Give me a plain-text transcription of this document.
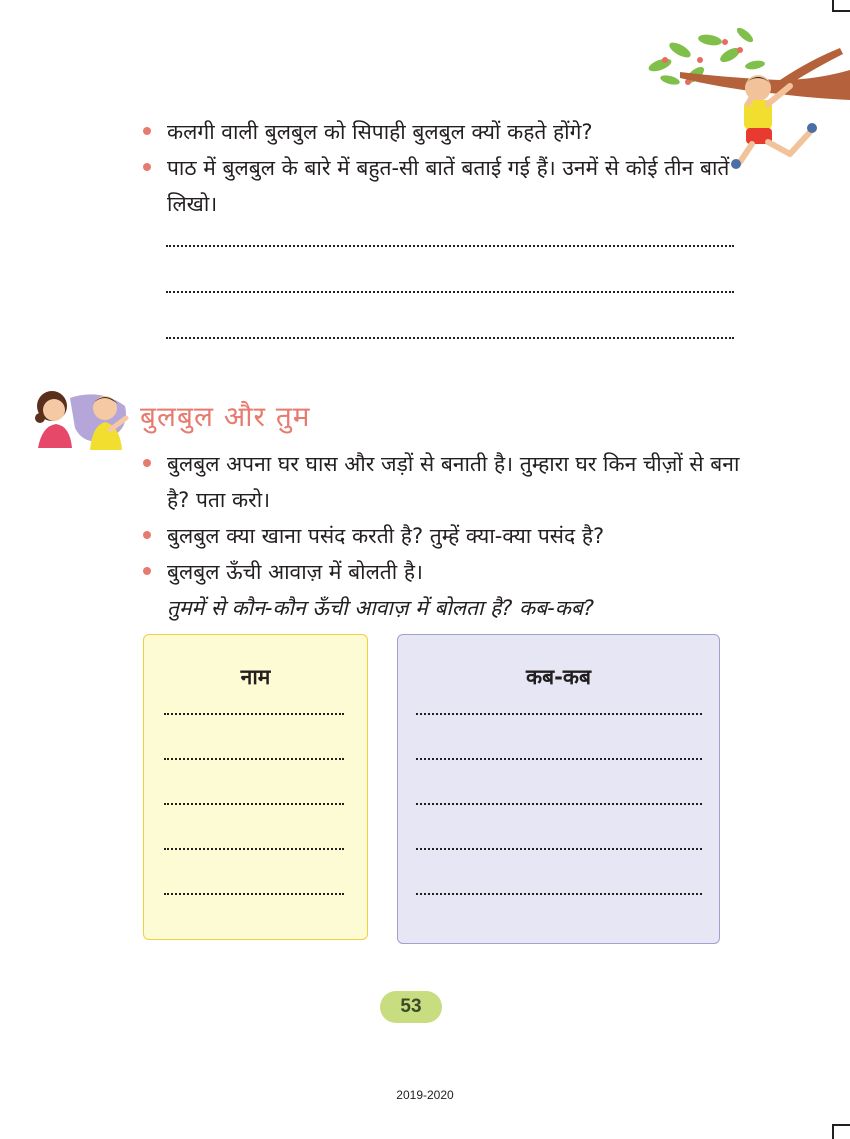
कलगी वाली बुलबुल को सिपाही बुलबुल क्यों कहते होंगे?
पाठ में बुलबुल के बारे में बहुत-सी बातें बताई गई हैं। उनमें से कोई तीन बातें लिखो।
बुलबुल और तुम
बुलबुल अपना घर घास और जड़ों से बनाती है। तुम्हारा घर किन चीज़ों से बना है? पता करो।
बुलबुल क्या खाना पसंद करती है? तुम्हें क्या-क्या पसंद है?
बुलबुल ऊँची आवाज़ में बोलती है।
तुममें से कौन-कौन ऊँची आवाज़ में बोलता है? कब-कब?
नाम	कब-कब
53
2019-2020
